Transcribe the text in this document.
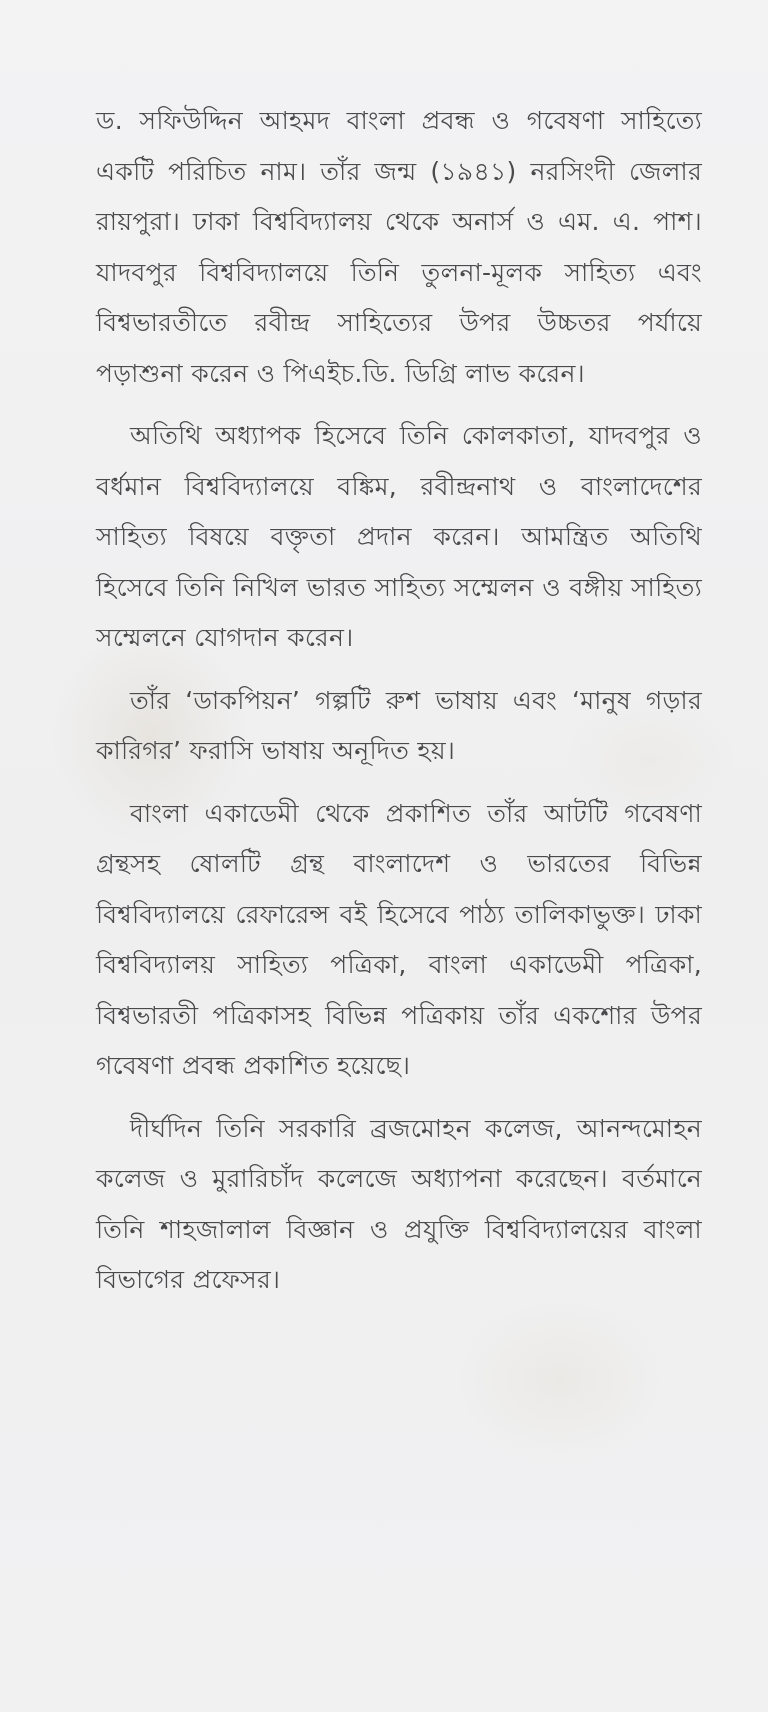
ড. সফিউদ্দিন আহমদ বাংলা প্রবন্ধ ও গবেষণা সাহিত্যে একটি পরিচিত নাম। তাঁর জন্ম (১৯৪১) নরসিংদী জেলার রায়পুরা। ঢাকা বিশ্ববিদ্যালয় থেকে অনার্স ও এম. এ. পাশ। যাদবপুর বিশ্ববিদ্যালয়ে তিনি তুলনা-মূলক সাহিত্য এবং বিশ্বভারতীতে রবীন্দ্র সাহিত্যের উপর উচ্চতর পর্যায়ে পড়াশুনা করেন ও পিএইচ.ডি. ডিগ্রি লাভ করেন।

অতিথি অধ্যাপক হিসেবে তিনি কোলকাতা, যাদবপুর ও বর্ধমান বিশ্ববিদ্যালয়ে বঙ্কিম, রবীন্দ্রনাথ ও বাংলাদেশের সাহিত্য বিষয়ে বক্তৃতা প্রদান করেন। আমন্ত্রিত অতিথি হিসেবে তিনি নিখিল ভারত সাহিত্য সম্মেলন ও বঙ্গীয় সাহিত্য সম্মেলনে যোগদান করেন।

তাঁর ‘ডাকপিয়ন’ গল্পটি রুশ ভাষায় এবং ‘মানুষ গড়ার কারিগর’ ফরাসি ভাষায় অনূদিত হয়।

বাংলা একাডেমী থেকে প্রকাশিত তাঁর আটটি গবেষণা গ্রন্থসহ ষোলটি গ্রন্থ বাংলাদেশ ও ভারতের বিভিন্ন বিশ্ববিদ্যালয়ে রেফারেন্স বই হিসেবে পাঠ্য তালিকাভুক্ত। ঢাকা বিশ্ববিদ্যালয় সাহিত্য পত্রিকা, বাংলা একাডেমী পত্রিকা, বিশ্বভারতী পত্রিকাসহ বিভিন্ন পত্রিকায় তাঁর একশোর উপর গবেষণা প্রবন্ধ প্রকাশিত হয়েছে।

দীর্ঘদিন তিনি সরকারি ব্রজমোহন কলেজ, আনন্দমোহন কলেজ ও মুরারিচাঁদ কলেজে অধ্যাপনা করেছেন। বর্তমানে তিনি শাহজালাল বিজ্ঞান ও প্রযুক্তি বিশ্ববিদ্যালয়ের বাংলা বিভাগের প্রফেসর।
